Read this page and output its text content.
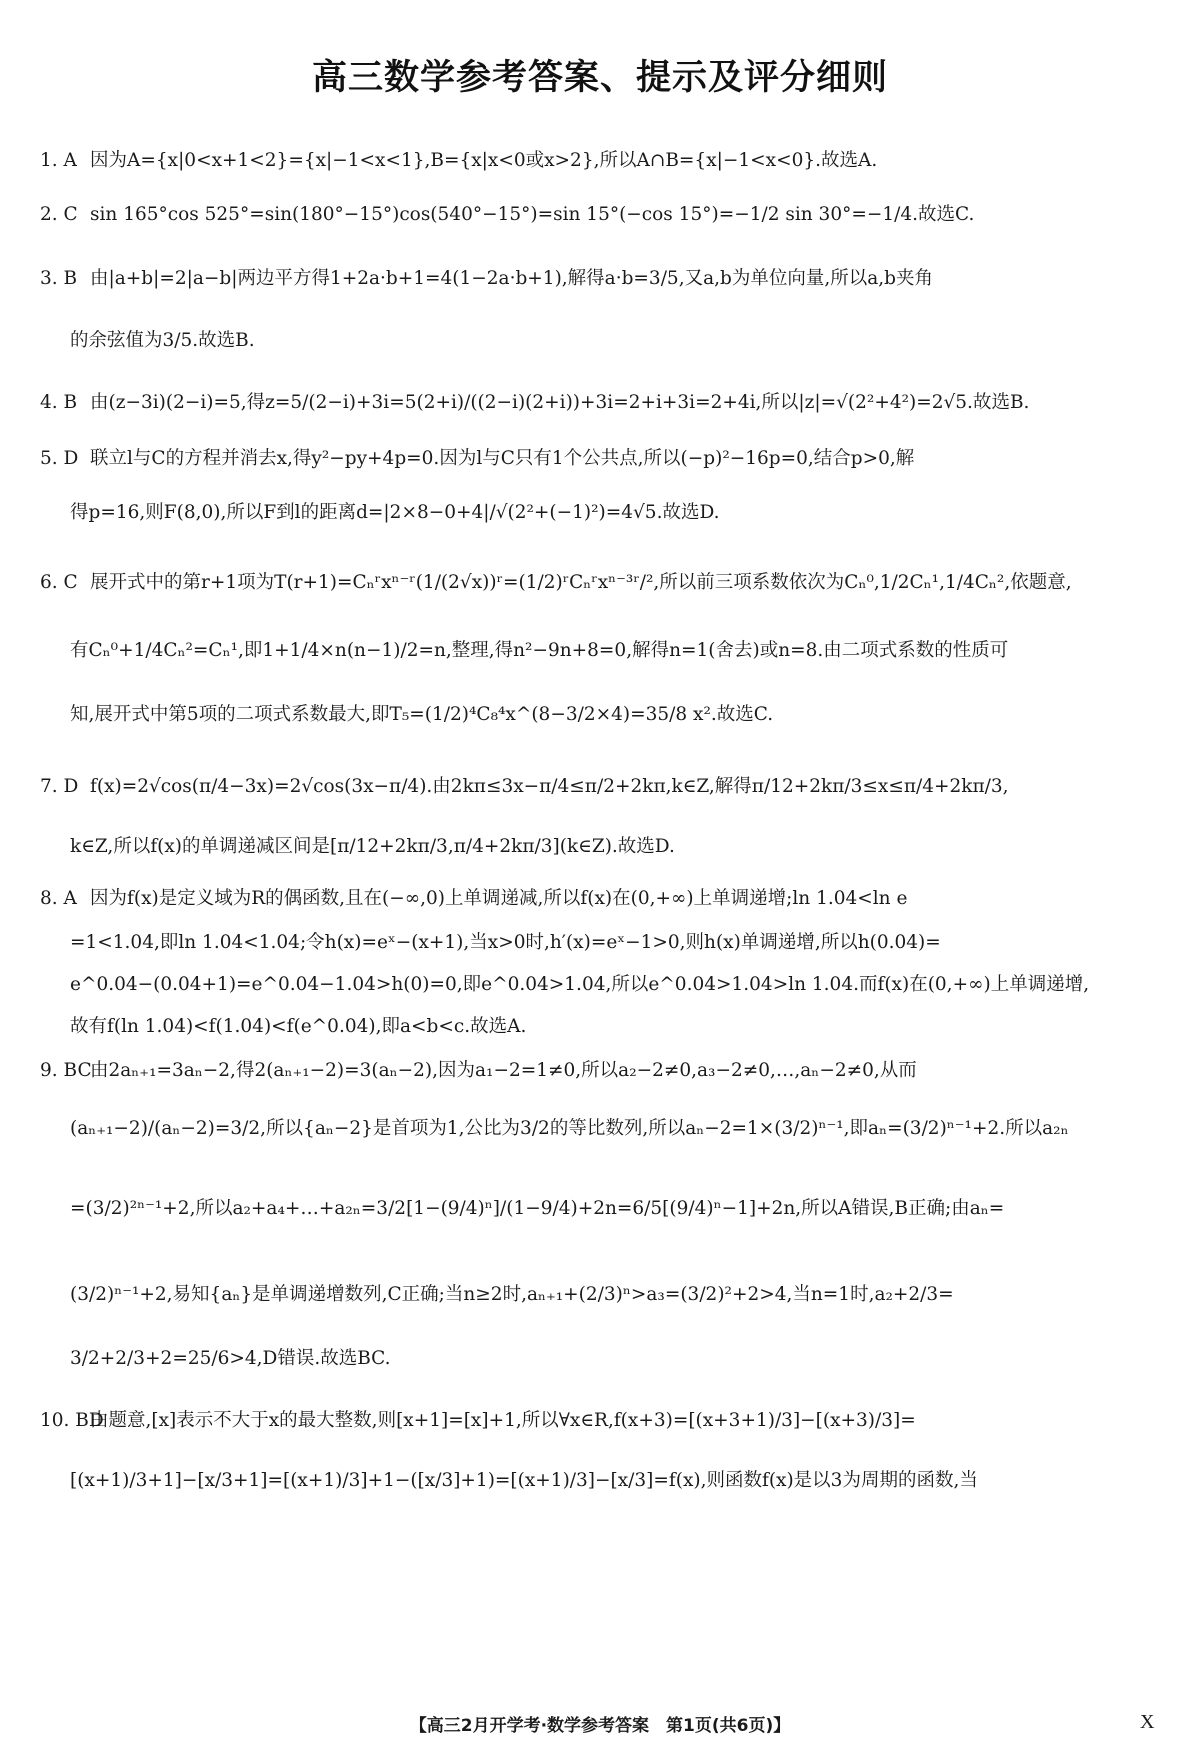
高三数学参考答案、提示及评分细则
1. A 因为A={x|0<x+1<2}={x|−1<x<1},B={x|x<0或x>2},所以A∩B={x|−1<x<0}.故选A.
2. C sin 165°cos 525°=sin(180°−15°)cos(540°−15°)=sin 15°(−cos 15°)=−1/2 sin 30°=−1/4.故选C.
3. B 由|a+b|=2|a−b|两边平方得1+2a·b+1=4(1−2a·b+1),解得a·b=3/5,又a,b为单位向量,所以a,b夹角
的余弦值为3/5.故选B.
4. B 由(z−3i)(2−i)=5,得z=5/(2−i)+3i=5(2+i)/((2−i)(2+i))+3i=2+i+3i=2+4i,所以|z|=√(2²+4²)=2√5.故选B.
5. D 联立l与C的方程并消去x,得y²−py+4p=0.因为l与C只有1个公共点,所以(−p)²−16p=0,结合p>0,解
得p=16,则F(8,0),所以F到l的距离d=|2×8−0+4|/√(2²+(−1)²)=4√5.故选D.
6. C 展开式中的第r+1项为T(r+1)=Cₙʳxⁿ⁻ʳ(1/(2√x))ʳ=(1/2)ʳCₙʳxⁿ⁻³ʳ/²,所以前三项系数依次为Cₙ⁰,1/2Cₙ¹,1/4Cₙ²,依题意,
有Cₙ⁰+1/4Cₙ²=Cₙ¹,即1+1/4×n(n−1)/2=n,整理,得n²−9n+8=0,解得n=1(舍去)或n=8.由二项式系数的性质可
知,展开式中第5项的二项式系数最大,即T₅=(1/2)⁴C₈⁴x^(8−3/2×4)=35/8 x².故选C.
7. D f(x)=2√cos(π/4−3x)=2√cos(3x−π/4).由2kπ≤3x−π/4≤π/2+2kπ,k∈Z,解得π/12+2kπ/3≤x≤π/4+2kπ/3,
k∈Z,所以f(x)的单调递减区间是[π/12+2kπ/3,π/4+2kπ/3](k∈Z).故选D.
8. A 因为f(x)是定义域为R的偶函数,且在(−∞,0)上单调递减,所以f(x)在(0,+∞)上单调递增;ln 1.04<ln e
=1<1.04,即ln 1.04<1.04;令h(x)=eˣ−(x+1),当x>0时,h′(x)=eˣ−1>0,则h(x)单调递增,所以h(0.04)=
e^0.04−(0.04+1)=e^0.04−1.04>h(0)=0,即e^0.04>1.04,所以e^0.04>1.04>ln 1.04.而f(x)在(0,+∞)上单调递增,
故有f(ln 1.04)<f(1.04)<f(e^0.04),即a<b<c.故选A.
9. BC由2aₙ₊₁=3aₙ−2,得2(aₙ₊₁−2)=3(aₙ−2),因为a₁−2=1≠0,所以a₂−2≠0,a₃−2≠0,…,aₙ−2≠0,从而
(aₙ₊₁−2)/(aₙ−2)=3/2,所以{aₙ−2}是首项为1,公比为3/2的等比数列,所以aₙ−2=1×(3/2)ⁿ⁻¹,即aₙ=(3/2)ⁿ⁻¹+2.所以a₂ₙ
=(3/2)²ⁿ⁻¹+2,所以a₂+a₄+…+a₂ₙ=3/2[1−(9/4)ⁿ]/(1−9/4)+2n=6/5[(9/4)ⁿ−1]+2n,所以A错误,B正确;由aₙ=
(3/2)ⁿ⁻¹+2,易知{aₙ}是单调递增数列,C正确;当n≥2时,aₙ₊₁+(2/3)ⁿ>a₃=(3/2)²+2>4,当n=1时,a₂+2/3=
3/2+2/3+2=25/6>4,D错误.故选BC.
10. BD由题意,[x]表示不大于x的最大整数,则[x+1]=[x]+1,所以∀x∈R,f(x+3)=[(x+3+1)/3]−[(x+3)/3]=
[(x+1)/3+1]−[x/3+1]=[(x+1)/3]+1−([x/3]+1)=[(x+1)/3]−[x/3]=f(x),则函数f(x)是以3为周期的函数,当
【高三2月开学考·数学参考答案　第1页(共6页)】	X
